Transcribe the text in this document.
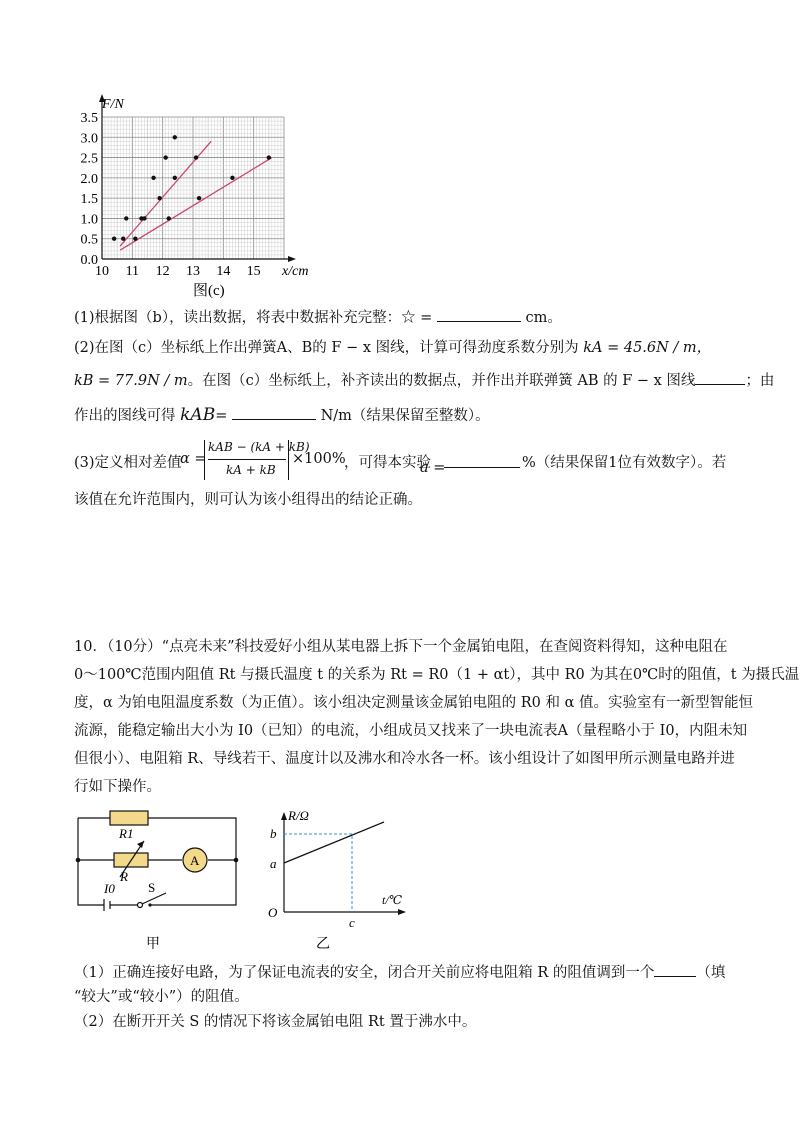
0.0
0.5
1.0
1.5
2.0
2.5
3.0
3.5
10 11 12 13 14 15
F/N
x/cm
图(c)
(1)根据图（b），读出数据，将表中数据补充完整：☆ =	cm。
(2)在图（c）坐标纸上作出弹簧A、B的 F − x 图线，计算可得劲度系数分别为 kA = 45.6N / m，
kB = 77.9N / m。在图（c）坐标纸上，补齐读出的数据点，并作出并联弹簧 AB 的 F − x 图线	；由
作出的图线可得 kAB=	N/m（结果保留至整数）。
(3)定义相对差值
α =
kAB − (kA + kB)
kA + kB
×100%
，可得本实验
a =	%（结果保留1位有效数字）。若
该值在允许范围内，则可认为该小组得出的结论正确。
10．（10分）“点亮未来”科技爱好小组从某电器上拆下一个金属铂电阻，在查阅资料得知，这种电阻在
0～100℃范围内阻值 Rt 与摄氏温度 t 的关系为 Rt = R0（1 + αt），其中 R0 为其在0℃时的阻值，t 为摄氏温
度，α 为铂电阻温度系数（为正值）。该小组决定测量该金属铂电阻的 R0 和 α 值。实验室有一新型智能恒
流源，能稳定输出大小为 I0（已知）的电流，小组成员又找来了一块电流表A（量程略小于 I0，内阻未知
但很小）、电阻箱 R、导线若干、温度计以及沸水和冷水各一杯。该小组设计了如图甲所示测量电路并进
行如下操作。
R1
R
A
I0	S
甲
R/Ω
t/℃
b
a
O
c
乙
（1）正确连接好电路，为了保证电流表的安全，闭合开关前应将电阻箱 R 的阻值调到一个	（填
“较大”或“较小”）的阻值。
（2）在断开开关 S 的情况下将该金属铂电阻 Rt 置于沸水中。
